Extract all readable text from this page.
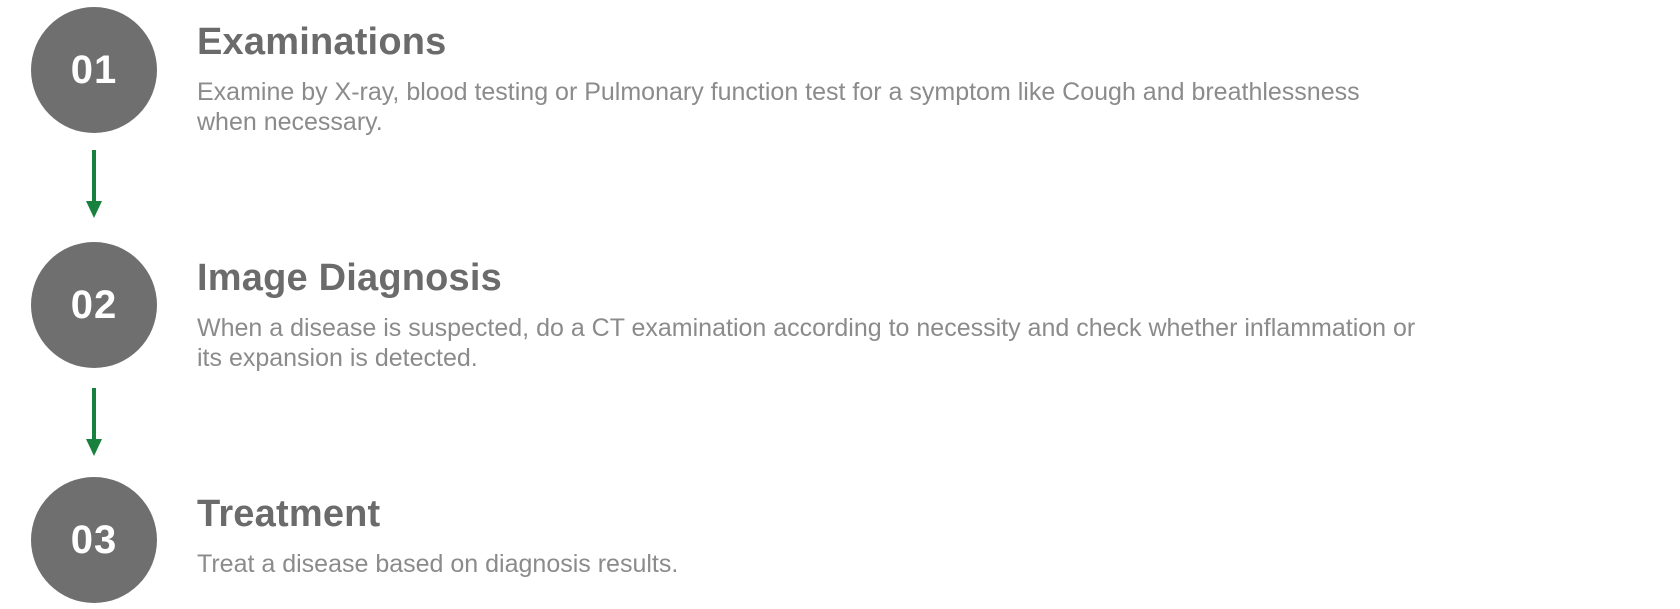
01
Examinations

Examine by X-ray, blood testing or Pulmonary function test for a symptom like Cough and breathlessness

when necessary.

02
Image Diagnosis

When a disease is suspected, do a CT examination according to necessity and check whether inflammation or

its expansion is detected.

03
Treatment

Treat a disease based on diagnosis results.
